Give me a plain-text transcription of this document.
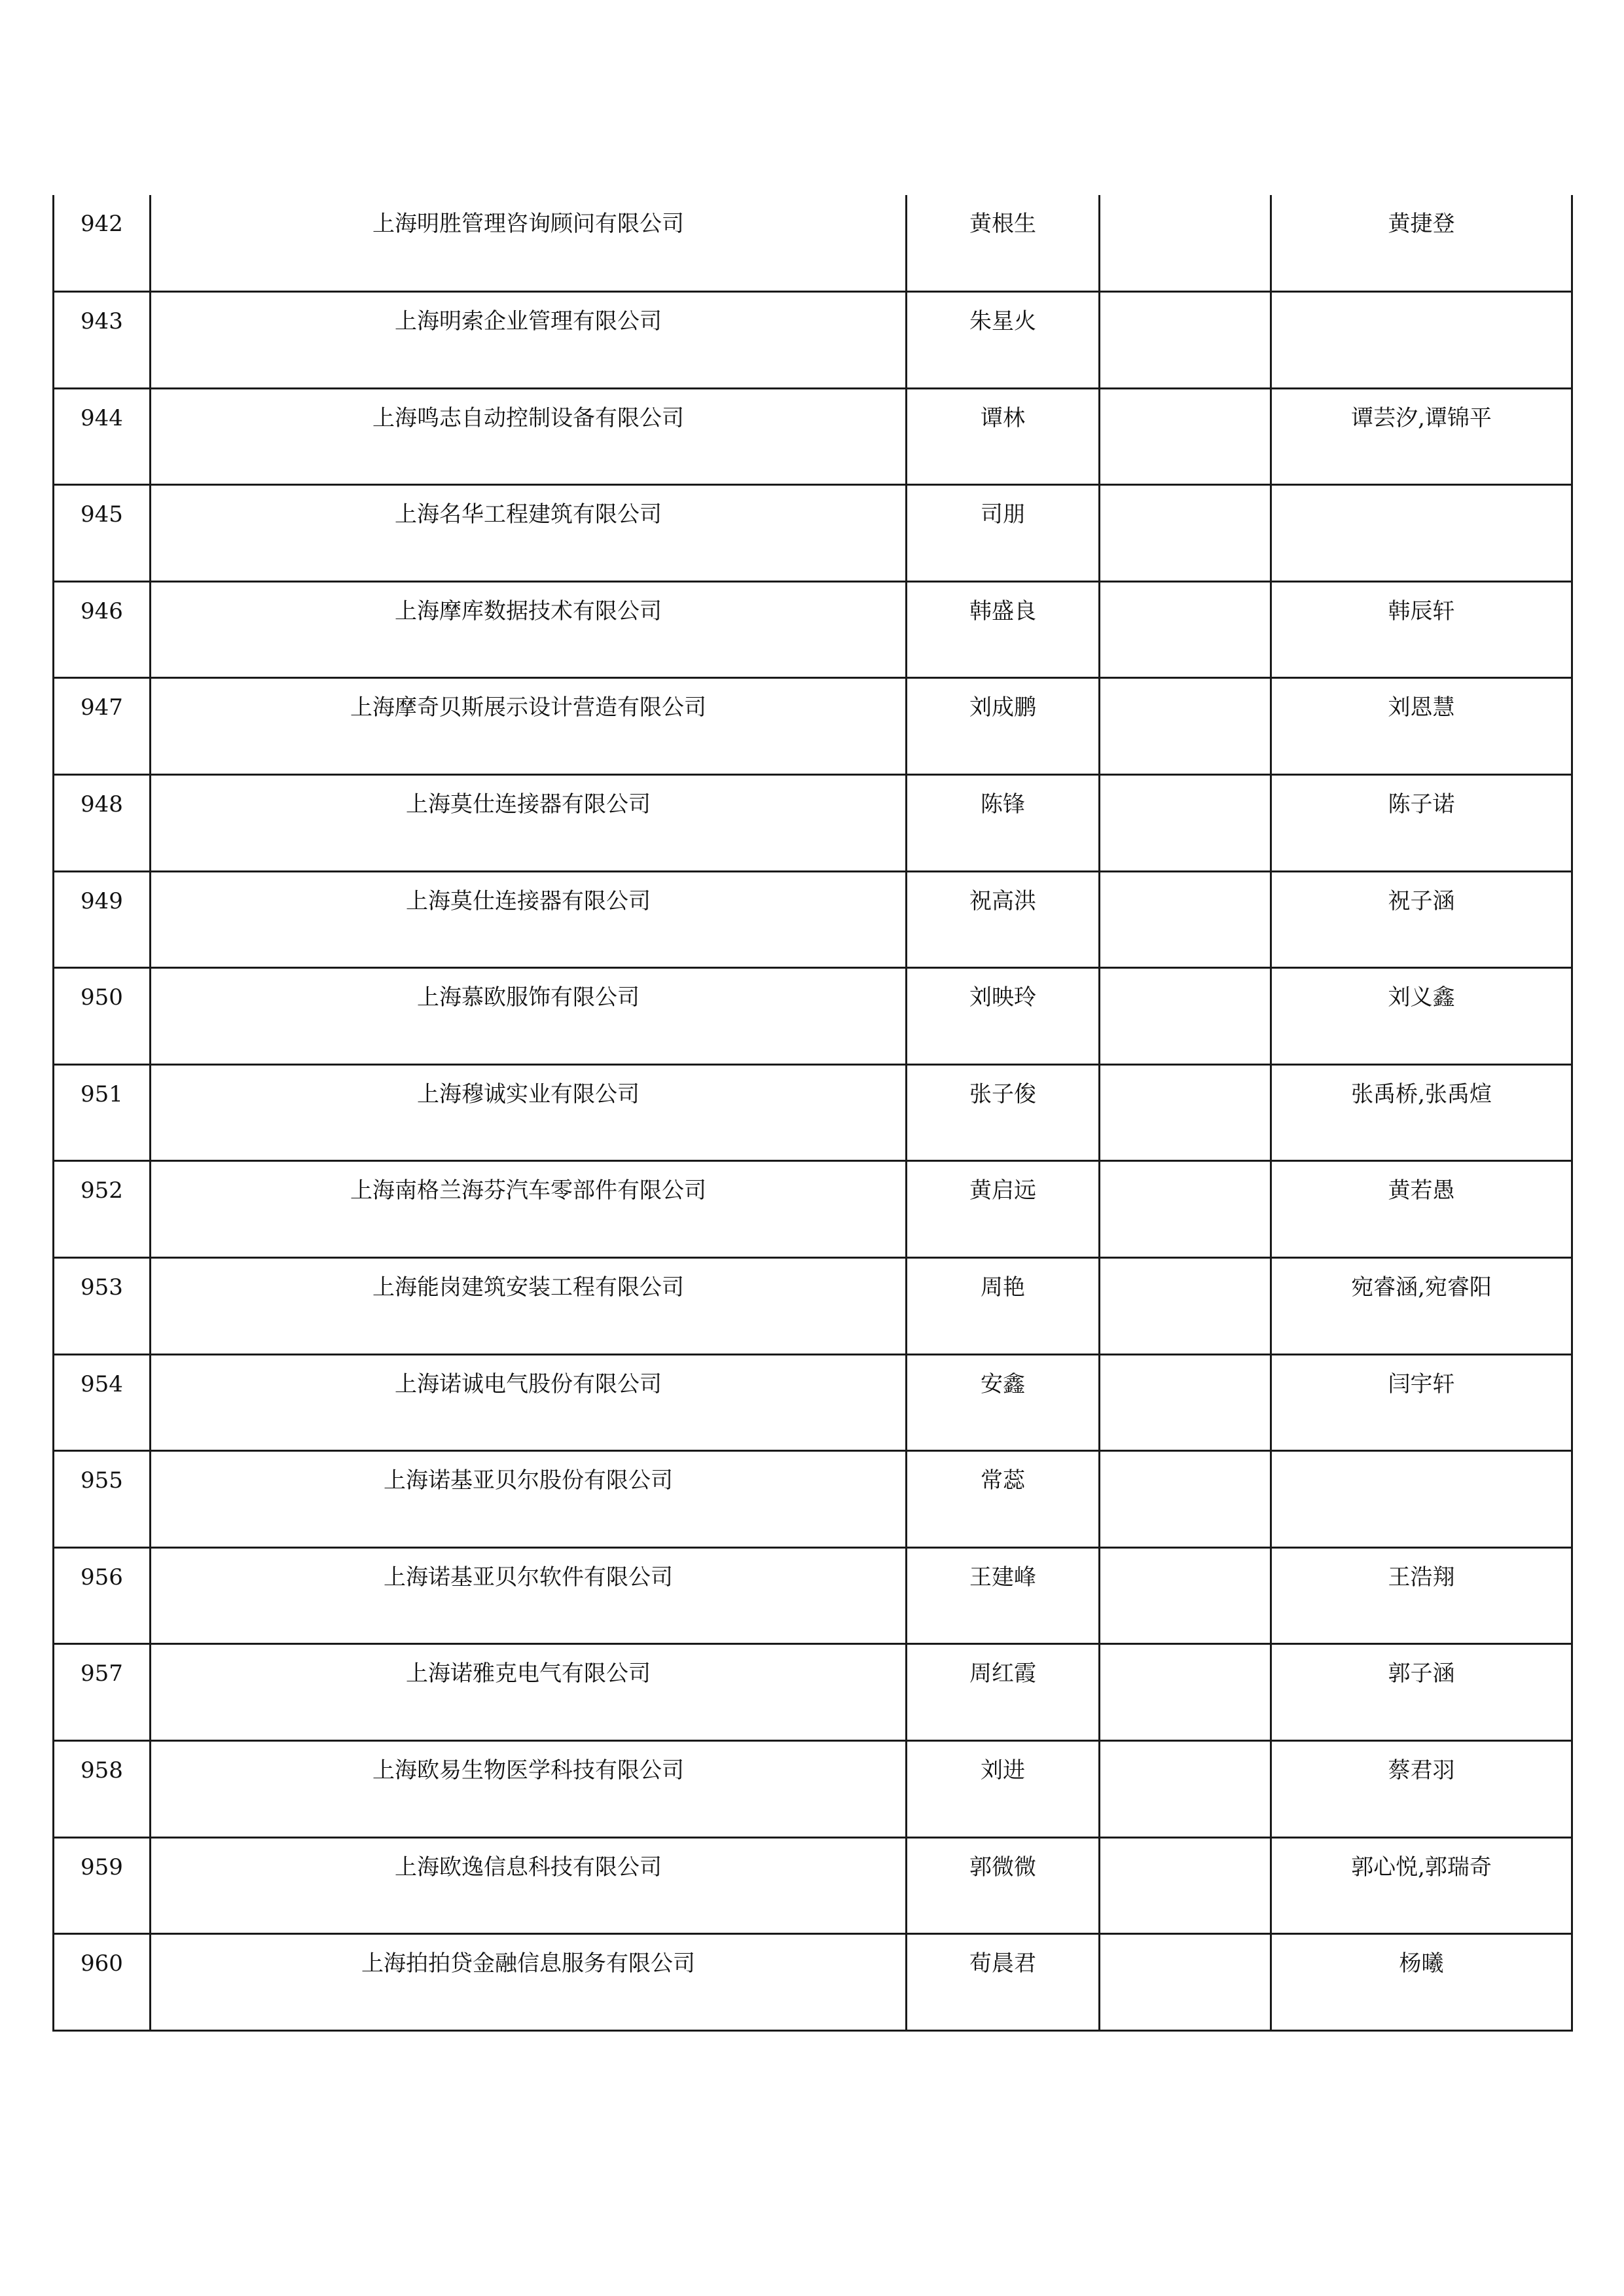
942	上海明胜管理咨询顾问有限公司	黄根生		黄捷登
943	上海明索企业管理有限公司	朱星火		
944	上海鸣志自动控制设备有限公司	谭林		谭芸汐,谭锦平
945	上海名华工程建筑有限公司	司朋		
946	上海摩库数据技术有限公司	韩盛良		韩辰轩
947	上海摩奇贝斯展示设计营造有限公司	刘成鹏		刘恩慧
948	上海莫仕连接器有限公司	陈锋		陈子诺
949	上海莫仕连接器有限公司	祝高洪		祝子涵
950	上海慕欧服饰有限公司	刘映玲		刘义鑫
951	上海穆诚实业有限公司	张子俊		张禹桥,张禹煊
952	上海南格兰海芬汽车零部件有限公司	黄启远		黄若愚
953	上海能岗建筑安装工程有限公司	周艳		宛睿涵,宛睿阳
954	上海诺诚电气股份有限公司	安鑫		闫宇轩
955	上海诺基亚贝尔股份有限公司	常蕊		
956	上海诺基亚贝尔软件有限公司	王建峰		王浩翔
957	上海诺雅克电气有限公司	周红霞		郭子涵
958	上海欧易生物医学科技有限公司	刘进		蔡君羽
959	上海欧逸信息科技有限公司	郭微微		郭心悦,郭瑞奇
960	上海拍拍贷金融信息服务有限公司	荀晨君		杨曦
